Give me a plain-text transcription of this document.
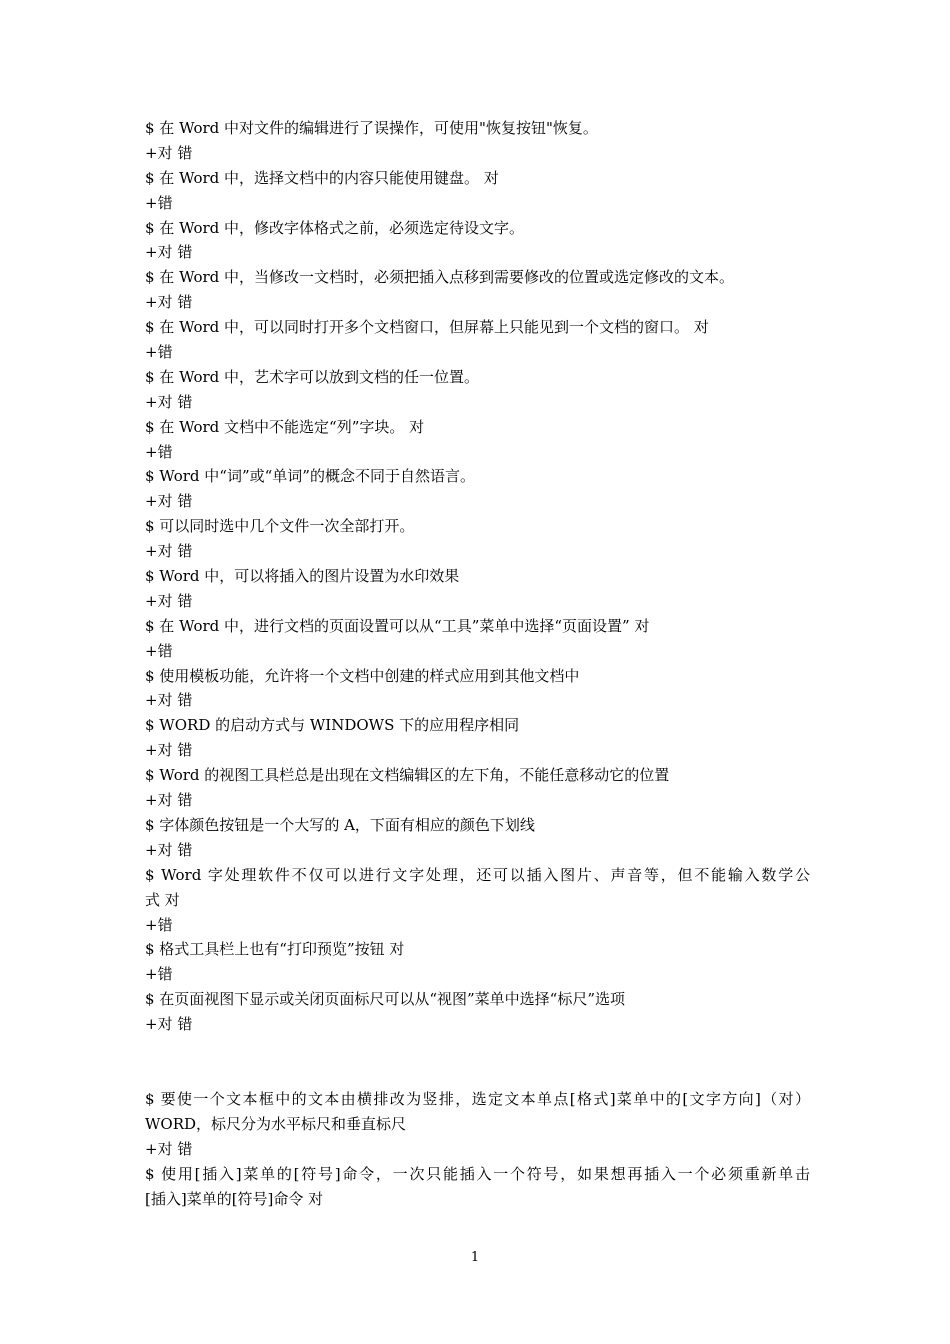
$ 在 Word 中对文件的编辑进行了误操作，可使用"恢复按钮"恢复。
+对 错
$ 在 Word 中，选择文档中的内容只能使用键盘。 对
+错
$ 在 Word 中，修改字体格式之前，必须选定待设文字。
+对 错
$ 在 Word 中，当修改一文档时，必须把插入点移到需要修改的位置或选定修改的文本。
+对 错
$ 在 Word 中，可以同时打开多个文档窗口，但屏幕上只能见到一个文档的窗口。 对
+错
$ 在 Word 中，艺术字可以放到文档的任一位置。
+对 错
$ 在 Word 文档中不能选定“列”字块。 对
+错
$ Word 中“词”或“单词”的概念不同于自然语言。
+对 错
$ 可以同时选中几个文件一次全部打开。
+对 错
$ Word 中，可以将插入的图片设置为水印效果
+对 错
$ 在 Word 中，进行文档的页面设置可以从“工具”菜单中选择“页面设置” 对
+错
$ 使用模板功能，允许将一个文档中创建的样式应用到其他文档中
+对 错
$ WORD 的启动方式与 WINDOWS 下的应用程序相同
+对 错
$ Word 的视图工具栏总是出现在文档编辑区的左下角，不能任意移动它的位置
+对 错
$ 字体颜色按钮是一个大写的 A，下面有相应的颜色下划线
+对 错
$ Word 字处理软件不仅可以进行文字处理，还可以插入图片、声音等，但不能输入数学公
式 对
+错
$ 格式工具栏上也有“打印预览”按钮 对
+错
$ 在页面视图下显示或关闭页面标尺可以从“视图”菜单中选择“标尺”选项
+对 错
$ 要使一个文本框中的文本由横排改为竖排，选定文本单点[格式]菜单中的[文字方向]（对）
WORD，标尺分为水平标尺和垂直标尺
+对 错
$ 使用[插入]菜单的[符号]命令，一次只能插入一个符号，如果想再插入一个必须重新单击
[插入]菜单的[符号]命令 对
1
